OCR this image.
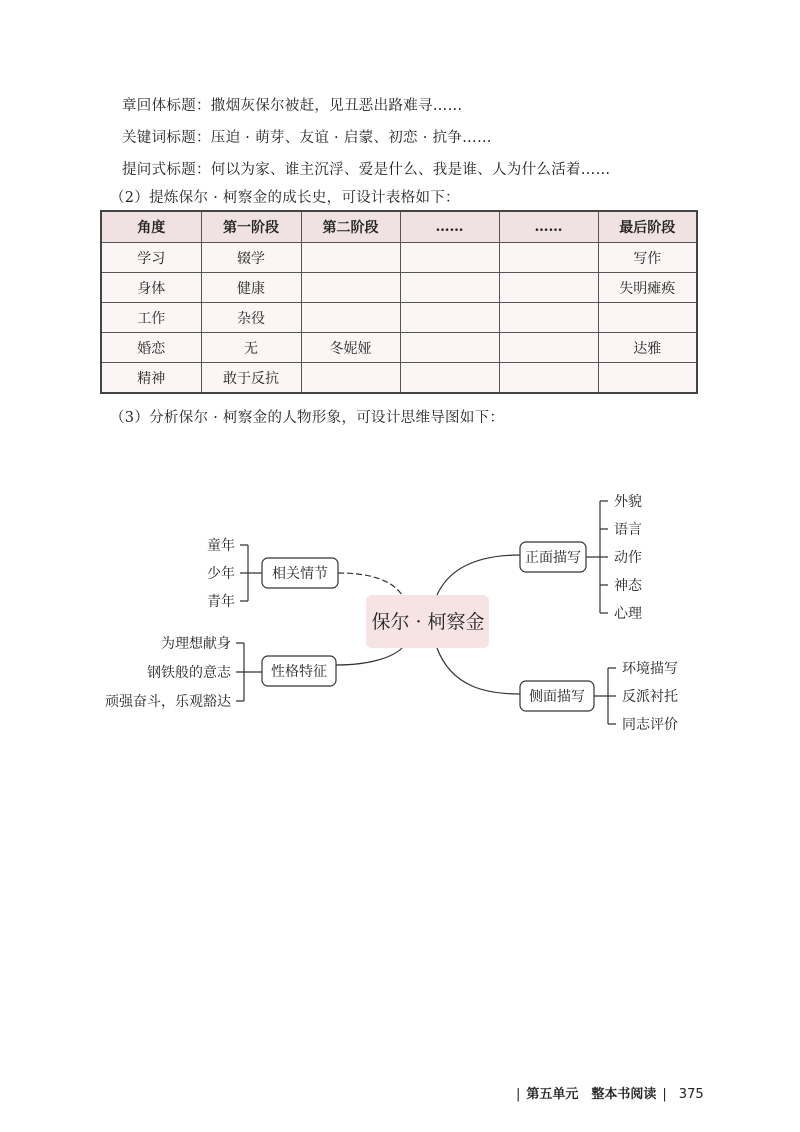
章回体标题：撒烟灰保尔被赶，见丑恶出路难寻……
关键词标题：压迫 · 萌芽、友谊 · 启蒙、初恋 · 抗争……
提问式标题：何以为家、谁主沉浮、爱是什么、我是谁、人为什么活着……
（2）提炼保尔 · 柯察金的成长史，可设计表格如下：
角度	第一阶段	第二阶段	……	……	最后阶段
学习	辍学				写作
身体	健康				失明瘫痪
工作	杂役				
婚恋	无	冬妮娅			达雅
精神	敢于反抗				
（3）分析保尔 · 柯察金的人物形象，可设计思维导图如下：
保尔 · 柯察金
相关情节
性格特征
正面描写
侧面描写
童年
少年
青年
为理想献身
钢铁般的意志
顽强奋斗，乐观豁达
外貌
语言
动作
神态
心理
环境描写
反派衬托
同志评价
| 第五单元　整本书阅读 | 375
